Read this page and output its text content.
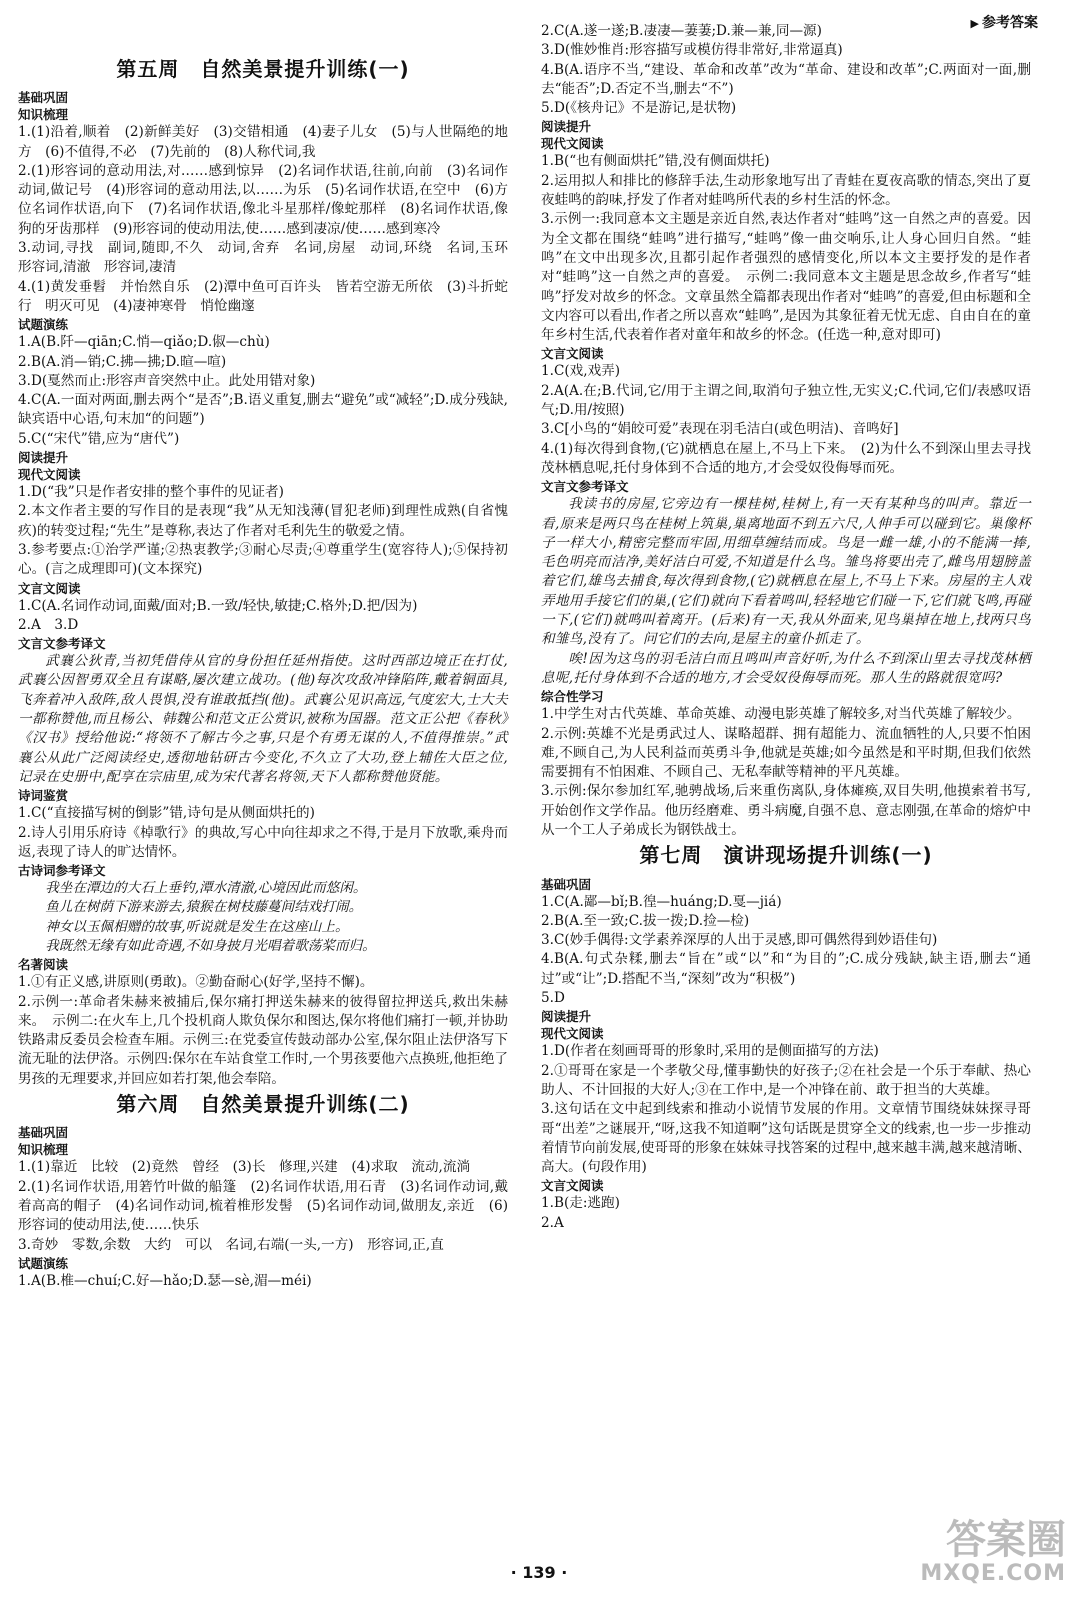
▶ 参考答案
第五周　自然美景提升训练(一)
基础巩固
知识梳理
1.(1)沿着,顺着　(2)新鲜美好　(3)交错相通　(4)妻子儿女　(5)与人世隔绝的地方　(6)不值得,不必　(7)先前的　(8)人称代词,我
2.(1)形容词的意动用法,对……感到惊异　(2)名词作状语,往前,向前　(3)名词作动词,做记号　(4)形容词的意动用法,以……为乐　(5)名词作状语,在空中　(6)方位名词作状语,向下　(7)名词作状语,像北斗星那样/像蛇那样　(8)名词作状语,像狗的牙齿那样　(9)形容词的使动用法,使……感到凄凉/使……感到寒冷
3.动词,寻找　副词,随即,不久　动词,舍弃　名词,房屋　动词,环绕　名词,玉环　形容词,清澈　形容词,凄清
4.(1)黄发垂髫　并怡然自乐　(2)潭中鱼可百许头　皆若空游无所依　(3)斗折蛇行　明灭可见　(4)凄神寒骨　悄怆幽邃
试题演练
1.A(B.阡—qiān;C.悄—qiǎo;D.俶—chù)
2.B(A.消—销;C.拂—拂;D.暄—喧)
3.D(戛然而止:形容声音突然中止。此处用错对象)
4.C(A.一面对两面,删去两个“是否”;B.语义重复,删去“避免”或“减轻”;D.成分残缺,缺宾语中心语,句末加“的问题”)
5.C(“宋代”错,应为“唐代”)
阅读提升
现代文阅读
1.D(“我”只是作者安排的整个事件的见证者)
2.本文作者主要的写作目的是表现“我”从无知浅薄(冒犯老师)到理性成熟(自省愧疚)的转变过程;“先生”是尊称,表达了作者对毛利先生的敬爱之情。
3.参考要点:①治学严谨;②热衷教学;③耐心尽责;④尊重学生(宽容待人);⑤保持初心。(言之成理即可)(文本探究)
文言文阅读
1.C(A.名词作动词,面戴/面对;B.一致/轻快,敏捷;C.格外;D.把/因为)
2.A　3.D
文言文参考译文
武襄公狄青,当初凭借侍从官的身份担任延州指使。这时西部边境正在打仗,武襄公因智勇双全且有谋略,屡次建立战功。(他)每次攻敌冲锋陷阵,戴着铜面具,飞奔着冲入敌阵,敌人畏惧,没有谁敢抵挡(他)。武襄公见识高远,气度宏大,士大夫一都称赞他,而且杨公、韩魏公和范文正公赏识,被称为国器。范文正公把《春秋》《汉书》授给他说:“将领不了解古今之事,只是个有勇无谋的人,不值得推崇。”武襄公从此广泛阅读经史,透彻地钻研古今变化,不久立了大功,登上辅佐大臣之位,记录在史册中,配享在宗庙里,成为宋代著名将领,天下人都称赞他贤能。
诗词鉴赏
1.C(“直接描写树的倒影”错,诗句是从侧面烘托的)
2.诗人引用乐府诗《棹歌行》的典故,写心中向往却求之不得,于是月下放歌,乘舟而返,表现了诗人的旷达情怀。
古诗词参考译文
我坐在潭边的大石上垂钓,潭水清澈,心境因此而悠闲。
鱼儿在树荫下游来游去,猿猴在树枝藤蔓间结戏打闹。
神女以玉佩相赠的故事,听说就是发生在这座山上。
我既然无缘有如此奇遇,不如身披月光唱着歌荡桨而归。
名著阅读
1.①有正义感,讲原则(勇敢)。②勤奋耐心(好学,坚持不懈)。
2.示例一:革命者朱赫来被捕后,保尔痛打押送朱赫来的彼得留拉押送兵,救出朱赫来。　示例二:在火车上,几个投机商人欺负保尔和图达,保尔将他们痛打一顿,并协助铁路肃反委员会检查车厢。示例三:在党委宣传鼓动部办公室,保尔阻止法伊洛写下流无耻的法伊洛。示例四:保尔在车站食堂工作时,一个男孩要他六点换班,他拒绝了男孩的无理要求,并回应如若打架,他会奉陪。
第六周　自然美景提升训练(二)
基础巩固
知识梳理
1.(1)靠近　比较　(2)竟然　曾经　(3)长　修理,兴建　(4)求取　流动,流淌
2.(1)名词作状语,用箬竹叶做的船篷　(2)名词作状语,用石青　(3)名词作动词,戴着高高的帽子　(4)名词作动词,梳着椎形发髻　(5)名词作动词,做朋友,亲近　(6)形容词的使动用法,使……快乐
3.奇妙　零数,余数　大约　可以　名词,右端(一头,一方)　形容词,正,直
试题演练
1.A(B.椎—chuí;C.好—hǎo;D.瑟—sè,湄—méi)
2.C(A.遂一遂;B.凄凄—萋萋;D.兼—兼,同—源)
3.D(惟妙惟肖:形容描写或模仿得非常好,非常逼真)
4.B(A.语序不当,“建设、革命和改革”改为“革命、建设和改革”;C.两面对一面,删去“能否”;D.否定不当,删去“不”)
5.D(《核舟记》不是游记,是状物)
阅读提升
现代文阅读
1.B(“也有侧面烘托”错,没有侧面烘托)
2.运用拟人和排比的修辞手法,生动形象地写出了青蛙在夏夜高歌的情态,突出了夏夜蛙鸣的韵味,抒发了作者对蛙鸣所代表的乡村生活的怀念。
3.示例一:我同意本文主题是亲近自然,表达作者对“蛙鸣”这一自然之声的喜爱。因为全文都在围绕“蛙鸣”进行描写,“蛙鸣”像一曲交响乐,让人身心回归自然。“蛙鸣”在文中出现多次,且都引起作者强烈的感情变化,所以本文主要抒发的是作者对“蛙鸣”这一自然之声的喜爱。　示例二:我同意本文主题是思念故乡,作者写“蛙鸣”抒发对故乡的怀念。文章虽然全篇都表现出作者对“蛙鸣”的喜爱,但由标题和全文内容可以看出,作者之所以喜欢“蛙鸣”,是因为其象征着无忧无虑、自由自在的童年乡村生活,代表着作者对童年和故乡的怀念。(任选一种,意对即可)
文言文阅读
1.C(戏,戏弄)
2.A(A.在;B.代词,它/用于主谓之间,取消句子独立性,无实义;C.代词,它们/表感叹语气;D.用/按照)
3.C[小鸟的“娟皎可爱”表现在羽毛洁白(或色明洁)、音鸣好]
4.(1)每次得到食物,(它)就栖息在屋上,不马上下来。　(2)为什么不到深山里去寻找茂林栖息呢,托付身体到不合适的地方,才会受奴役侮辱而死。
文言文参考译文
我读书的房屋,它旁边有一棵桂树,桂树上,有一天有某种鸟的叫声。靠近一看,原来是两只鸟在桂树上筑巢,巢离地面不到五六尺,人伸手可以碰到它。巢像杯子一样大小,精密完整而牢固,用细草缠结而成。鸟是一雌一雄,小的不能满一捧,毛色明亮而洁净,美好洁白可爱,不知道是什么鸟。雏鸟将要出壳了,雌鸟用翅膀盖着它们,雄鸟去捕食,每次得到食物,(它)就栖息在屋上,不马上下来。房屋的主人戏弄地用手接它们的巢,(它们)就向下看着鸣叫,轻轻地它们碰一下,它们就飞鸣,再碰一下,(它们)就鸣叫着离开。(后来)有一天,我从外面来,见鸟巢掉在地上,找两只鸟和雏鸟,没有了。问它们的去向,是屋主的童仆抓走了。
唉!因为这鸟的羽毛洁白而且鸣叫声音好听,为什么不到深山里去寻找茂林栖息呢,托付身体到不合适的地方,才会受奴役侮辱而死。那人生的路就很宽吗?
综合性学习
1.中学生对古代英雄、革命英雄、动漫电影英雄了解较多,对当代英雄了解较少。
2.示例:英雄不光是勇武过人、谋略超群、拥有超能力、流血牺牲的人,只要不怕困难,不顾自己,为人民利益而英勇斗争,他就是英雄;如今虽然是和平时期,但我们依然需要拥有不怕困难、不顾自己、无私奉献等精神的平凡英雄。
3.示例:保尔参加红军,驰骋战场,后来重伤离队,身体瘫痪,双目失明,他摸索着书写,开始创作文学作品。他历经磨难、勇斗病魔,自强不息、意志刚强,在革命的熔炉中从一个工人子弟成长为钢铁战士。
第七周　演讲现场提升训练(一)
基础巩固
1.C(A.鄙—bǐ;B.徨—huáng;D.戛—jiá)
2.B(A.至一致;C.拔一拨;D.捡—检)
3.C(妙手偶得:文学素养深厚的人出于灵感,即可偶然得到妙语佳句)
4.B(A.句式杂糅,删去“旨在”或“以”和“为目的”;C.成分残缺,缺主语,删去“通过”或“让”;D.搭配不当,“深刻”改为“积极”)
5.D
阅读提升
现代文阅读
1.D(作者在刻画哥哥的形象时,采用的是侧面描写的方法)
2.①哥哥在家是一个孝敬父母,懂事勤快的好孩子;②在社会是一个乐于奉献、热心助人、不计回报的大好人;③在工作中,是一个冲锋在前、敢于担当的大英雄。
3.这句话在文中起到线索和推动小说情节发展的作用。文章情节围绕妹妹探寻哥哥“出差”之谜展开,“呀,这我不知道啊”这句话既是贯穿全文的线索,也一步一步推动着情节向前发展,使哥哥的形象在妹妹寻找答案的过程中,越来越丰满,越来越清晰、高大。(句段作用)
文言文阅读
1.B(走:逃跑)
2.A
· 139 ·
答案圈
MXQE.COM
